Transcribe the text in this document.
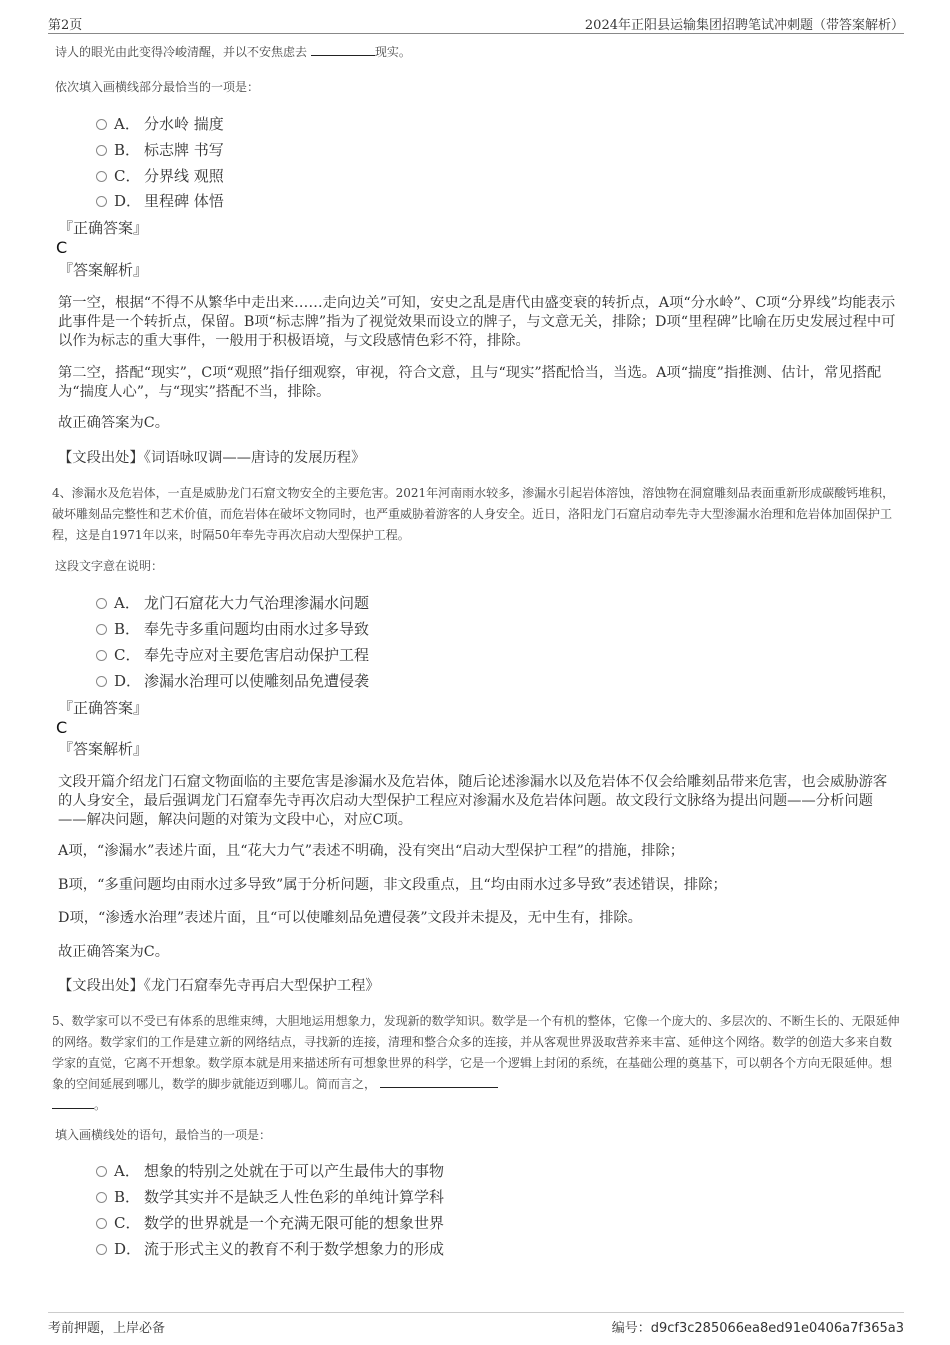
第2页	2024年正阳县运输集团招聘笔试冲刺题（带答案解析）
诗人的眼光由此变得冷峻清醒，并以不安焦虑去	现实。
依次填入画横线部分最恰当的一项是：
A． 分水岭 揣度
B． 标志牌 书写
C． 分界线 观照
D． 里程碑 体悟
『正确答案』
C
『答案解析』
第一空，根据“不得不从繁华中走出来……走向边关”可知，安史之乱是唐代由盛变衰的转折点，A项“分水岭”、C项“分界线”均能表示此事件是一个转折点，保留。B项“标志牌”指为了视觉效果而设立的牌子，与文意无关，排除；D项“里程碑”比喻在历史发展过程中可以作为标志的重大事件，一般用于积极语境，与文段感情色彩不符，排除。
第二空，搭配“现实”，C项“观照”指仔细观察，审视，符合文意，且与“现实”搭配恰当，当选。A项“揣度”指推测、估计，常见搭配为“揣度人心”，与“现实”搭配不当，排除。
故正确答案为C。
【文段出处】《词语咏叹调——唐诗的发展历程》
4、渗漏水及危岩体，一直是威胁龙门石窟文物安全的主要危害。2021年河南雨水较多，渗漏水引起岩体溶蚀，溶蚀物在洞窟雕刻品表面重新形成碳酸钙堆积，破坏雕刻品完整性和艺术价值，而危岩体在破坏文物同时，也严重威胁着游客的人身安全。近日，洛阳龙门石窟启动奉先寺大型渗漏水治理和危岩体加固保护工程，这是自1971年以来，时隔50年奉先寺再次启动大型保护工程。
这段文字意在说明：
A． 龙门石窟花大力气治理渗漏水问题
B． 奉先寺多重问题均由雨水过多导致
C． 奉先寺应对主要危害启动保护工程
D． 渗漏水治理可以使雕刻品免遭侵袭
『正确答案』
C
『答案解析』
文段开篇介绍龙门石窟文物面临的主要危害是渗漏水及危岩体，随后论述渗漏水以及危岩体不仅会给雕刻品带来危害，也会威胁游客的人身安全，最后强调龙门石窟奉先寺再次启动大型保护工程应对渗漏水及危岩体问题。故文段行文脉络为提出问题——分析问题——解决问题，解决问题的对策为文段中心，对应C项。
A项，“渗漏水”表述片面，且“花大力气”表述不明确，没有突出“启动大型保护工程”的措施，排除；
B项，“多重问题均由雨水过多导致”属于分析问题，非文段重点，且“均由雨水过多导致”表述错误，排除；
D项，“渗透水治理”表述片面，且“可以使雕刻品免遭侵袭”文段并未提及，无中生有，排除。
故正确答案为C。
【文段出处】《龙门石窟奉先寺再启大型保护工程》
5、数学家可以不受已有体系的思维束缚，大胆地运用想象力，发现新的数学知识。数学是一个有机的整体，它像一个庞大的、多层次的、不断生长的、无限延伸的网络。数学家们的工作是建立新的网络结点，寻找新的连接，清理和整合众多的连接，并从客观世界汲取营养来丰富、延伸这个网络。数学的创造大多来自数学家的直觉，它离不开想象。数学原本就是用来描述所有可想象世界的科学，它是一个逻辑上封闭的系统，在基础公理的奠基下，可以朝各个方向无限延伸。想象的空间延展到哪儿，数学的脚步就能迈到哪儿。简而言之，
。
填入画横线处的语句，最恰当的一项是：
A． 想象的特别之处就在于可以产生最伟大的事物
B． 数学其实并不是缺乏人性色彩的单纯计算学科
C． 数学的世界就是一个充满无限可能的想象世界
D． 流于形式主义的教育不利于数学想象力的形成
考前押题，上岸必备	编号：d9cf3c285066ea8ed91e0406a7f365a3
